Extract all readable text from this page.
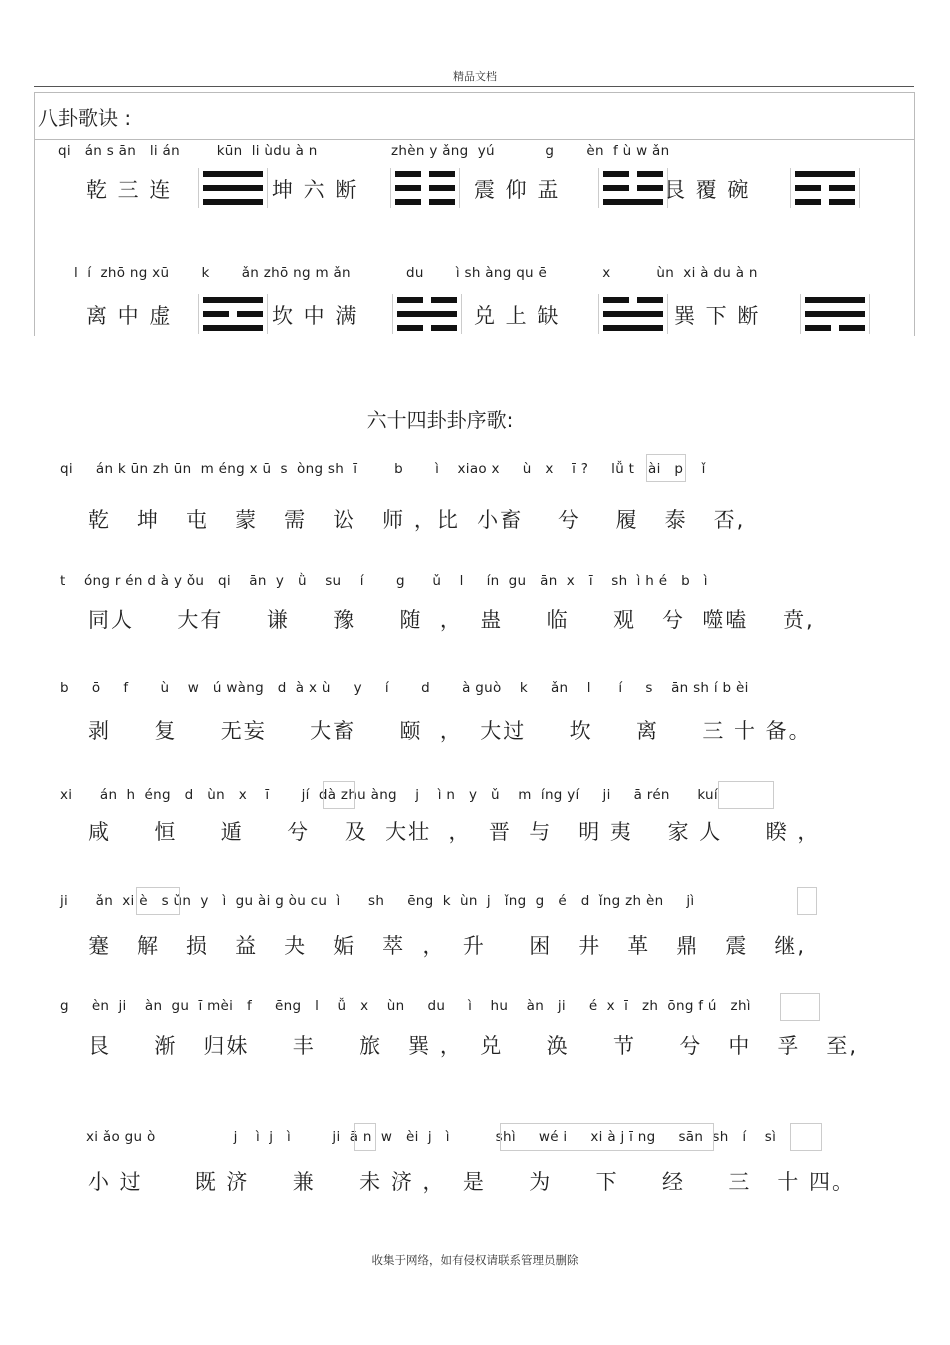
精品文档
八卦歌诀 :
qi   án s ān   li án        kūn  li ùdu à n                zhèn y ǎng  yú           g       èn  f ù w ǎn
乾 三 连	坤 六 断	震 仰 盂	艮 覆 碗
l  í  zhō ng xū       k       ǎn zhō ng m ǎn            du       ì sh àng qu ē            x          ùn  xi à du à n
离 中 虚	坎 中 满	兑 上 缺	巽 下 断
六十四卦卦序歌:
qi     án k ūn zh ūn  m éng x ū  s  òng sh  ī        b       ì    xiao x     ù   x    ī ?     lǚ t   ài   p    ǐ
乾   坤   屯   蒙   需   讼   师 ，比  小畜    兮    履   泰   否,
t    óng r én d à y ǒu   qi    ān  y   ǜ    su    í       g      ǔ    l     ín  gu   ān  x   ī    sh  ì h é   b   ì
同人     大有     谦     豫     随  ，  蛊     临     观   兮  噬嗑    贲,
b     ō     f       ù    w   ú wàng   d  à x ù     y     í       d       à guò    k     ǎn    l      í     s    ān sh í b èi
剥     复     无妄     大畜     颐  ，  大过     坎     离     三 十 备。
xi      án  h  éng   d   ùn   x    ī       jí  dà zhu àng    j    ì n   y   ǔ    m  íng yí     ji     ā rén      kuí
咸     恒     遁     兮    及  大壮  ，  晋  与   明 夷    家 人     睽 ，
ji      ǎn  xi è   s ǔn  y   ì  gu ài g òu cu  ì      sh     ēng  k  ùn  j   ǐng  g   é   d  ǐng zh èn     jì
蹇   解   损   益   夬   姤   萃  ，  升     困   井   革   鼎   震   继,
g     èn  ji    àn  gu  ī mèi   f     ēng   l    ǚ   x    ùn     du     ì    hu    àn   ji     é  x  ī   zh  ōng f ú   zhì
艮     渐   归妹     丰     旅   巽 ，  兑     涣     节     兮   中   孚   至,
xi ǎo gu ò                 j    ì  j   ì         ji  ā n  w   èi  j   ì          shì     wé i     xi à j ī ng     sān  sh   í    sì
小 过      既 济     兼     未 济 ，  是     为     下     经     三   十 四。
收集于网络，如有侵权请联系管理员删除
